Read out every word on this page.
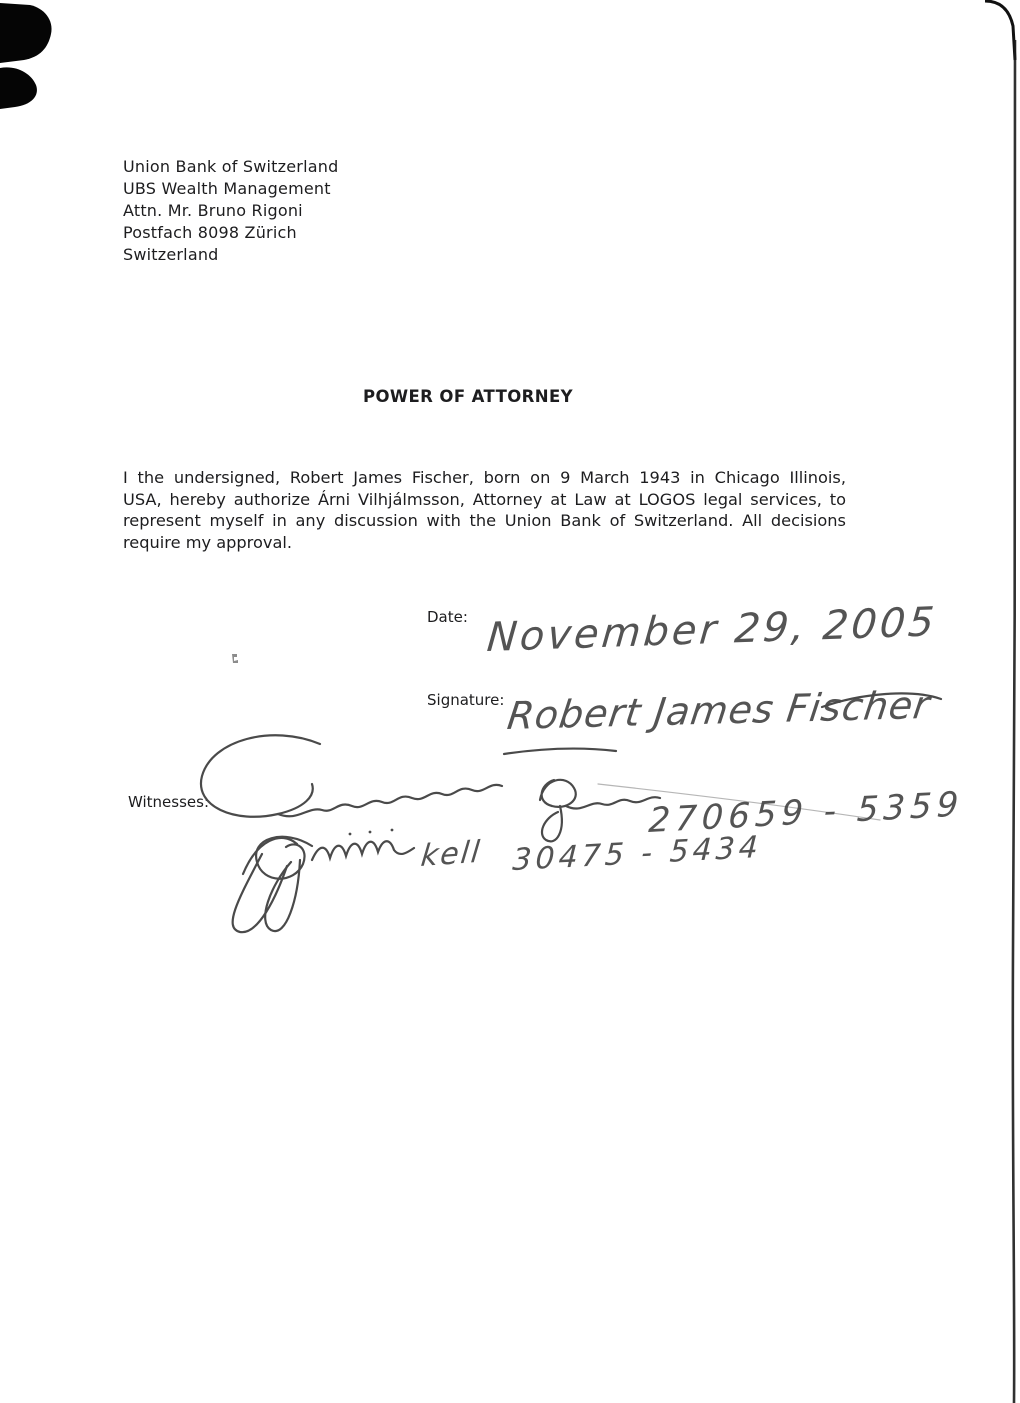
Union Bank of Switzerland
UBS Wealth Management
Attn. Mr. Bruno Rigoni
Postfach 8098 Zürich
Switzerland
POWER OF ATTORNEY
I the undersigned, Robert James Fischer, born on 9 March 1943 in Chicago Illinois,
USA, hereby authorize Árni Vilhjálmsson, Attorney at Law at LOGOS legal services, to
represent myself in any discussion with the Union Bank of Switzerland. All decisions
require my approval.
Date:
Signature:
Witnesses:
November 29, 2005
Robert James Fischer
270659 - 5359
kell 30475 - 5434
